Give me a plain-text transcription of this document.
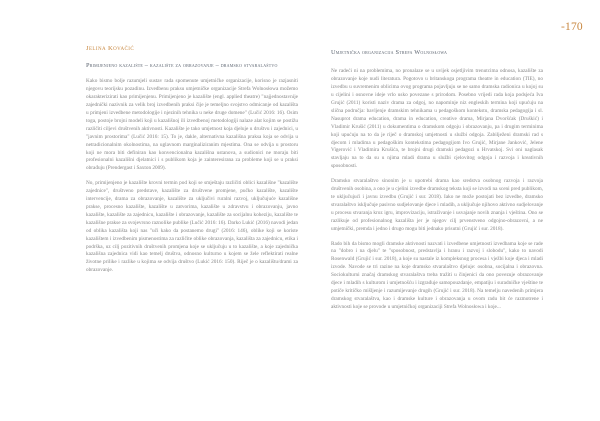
-170
Jelina Kovačić
Primijenjeno kazalište – kazalište za obrazovanje – dramsko stvaralaštvo

Kako bismo bolje razumjeli sustav rada spomenute umjetničke organizacije, korisno je razjasniti njegovu teorijsku pozadinu. Izvedbenu praksu umjetničke organizacije Strefa Wolnosłowa možemo okarakterizirati kao primijenjenu. Primijenjeno je kazalište (engl. applied theatre) "najjednostavnije zajednički nazivnik za velik broj izvedbenih praksi čije je temeljno svojstvo odmicanje od kazališta u primjeni izvedbene metodologije i njezinih tehnika u neke druge domene" (Lučić 2016: 16). Osim toga, postoje brojni modeli koji u kazališnoj ili izvedbenoj metodologiji nalaze alat kojim se postižu različiti ciljevi društvenih aktivnosti. Kazalište je tako umjetnost koja djeluje u društvu i zajednici, u "javnim prostorima" (Lučić 2016: 15). To je, dakle, alternativna kazališna praksa koja se odvija u netradicionalnim okolnostima, na uglavnom marginaliziranim mjestima. Ona se odvija u prostoru koji ne mora biti definiran kao konvencionalna kazališna ustanova, a sudionici ne moraju biti profesionalni kazališni djelatnici i s publikom koja je zainteresirana za probleme koji se u praksi obrađuju (Prendergast i Saxton 2009).

No, primijenjeno je kazalište krovni termin pod koji se smještaju različiti oblici kazališne "kazalište zajednice", društveno predstave, kazalište za društvene promjene, pučko kazalište, kazalište intervencije, drama za obrazovanje, kazalište za uključivi ruralni razvoj, uključujuće kazališne prakse, procesno kazalište, kazalište u zatvorima, kazalište u zdravstvu i obrazovanju, javno kazalište, kazalište za zajednicu, kazalište i obrazovanje, kazalište za socijalnu koheziju, kazalište te kazališne prakse za svojevrsno raznolike publike (Lučić 2016: 16). Darko Lukić (2016) navodi jedan od oblika kazališta koji nas "uči kako da postanemo drugi" (2016: 146), oblike koji se koriste kazalištem i izvedbenim pismenostima za različite oblike obrazovanja, kazališta za zajednicu, etika i podrška, uz cilj pozitivnih društvenih promjena koje se uključuju u to kazalište, a koje zajednička kazališna zajednica vidi kao temelj društva, odnosno kulturno u kojem se žele reflektirati realne životne prilike i razlike u kojima se odvija društvo (Lukić 2016: 150). Riječ je o kazalištu/drami za obrazovanje.

Umjetnička organizacija Strefa Wolnosłowa

Ne radeći ni na problemima, no pronalaze se u uvijek osjetljivim trenutcima odnosa, kazalište za obrazovanje koje nudi literatura. Pogotovo u britanskoga programa theatre in education (TIE), no izvedbu u suvremenim oblicima ovog programa pojavljuju se ne samo dramska radionica u kojoj su u cijelini i osnovne ideje vrlo usko povezane s prirodom. Posebno vrijedi rada koja podsjeća Iva Grujić (2011) koristi naziv drama za odgoj, no napominje niz engleskih termina koji upućuju na slična područja: bavljenje dramskim tehnikama u pedagoškom kontekstu, dramska pedagogija i sl. Nasuprot drama education, drama in education, creative drama, Mirjana Dvoršćak (Druškić) i Vladimir Krušić (2011) u dokumentima o dramskom odgoju i obrazovanju, pa i drugim terminima koji upućuju na to da je riječ o dramskoj umjetnosti u službi odgoja. Zabilježeni dramski rad s djecom i mladima u pedagoškim kontekstima pedagogijom Ivo Grujić, Mirjane Janković, Jelene Vigerović i Vladimira Krušića, te brojni drugi dramski pedagozi u Hrvatskoj. Svi oni naglasak stavljaju na to da su u njima mladi drama u službi cjelovitog odgoja i razvoja i kreativnih sposobnosti.

Dramsko stvaralaštvo sinonim je u upotrebi drama kao sredstva osobnog razvoja i razvoja društvenih osobina, a ono je u cjelini izvedbe dramskog teksta koji se izvodi na sceni pred publikom, te uključujući i javnu izvedbu (Grujić i sur. 2018). Iako ne može postojati bez izvedbe, dramsko stvaralaštvo isključuje pasivno sudjelovanje djece i mladih, a uključuje njihovo aktivno sudjelovanje u procesu stvaranja kroz igru, improvizaciju, istraživanje i usvajanje novih znanja i vještina. Ono se razlikuje od profesionalnog kazališta jer je njegov cilj prvenstveno odgojno-obrazovni, a ne umjetnički, premda i jedno i drugo mogu biti jednako prisutni (Grujić i sur. 2018).

Rado bih da bismo mogli dramske aktivnosti nazvati i izvedbene umjetnosti izvedbama koje se rade na "dobro i na djelu" te "sposobnost, predstavlja i hranu i razvoj i slobodu", kako to navodi Rosenwald (Grujić i sur. 2018), a koje su nastale iz kompleksnog procesa i vježbi koje djeca i mladi izvode. Navode se tri razine na koje dramsko stvaralaštvo djeluje: osobna, socijalna i obrazovna. Sociokulturni značaj dramskog stvaralaštva treba tražiti u činjenici da ono povezuje obrazovanje djece i mladih s kulturom i umjetnošću i izgrađuje samopouzdanje, empatiju i suradničke vještine te potiče kritičko mišljenje i razumijevanje drugih (Grujić i sur. 2018). Na temelju navedenih primjera dramskog stvaralaštva, kao i dramske kulture i obrazovanja u ovom radu bit će razmotrene i aktivnosti koje se provode u umjetničkoj organizaciji Strefa Wolnosłowa i koje...
